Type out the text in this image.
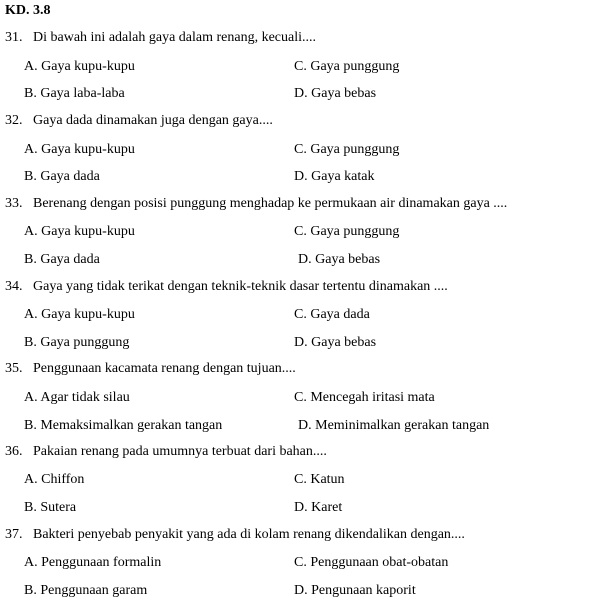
KD. 3.8
31. Di bawah ini adalah gaya dalam renang, kecuali....
A. Gaya kupu-kupu	C. Gaya punggung
B. Gaya laba-laba	D. Gaya bebas
32. Gaya dada dinamakan juga dengan gaya....
A. Gaya kupu-kupu	C. Gaya punggung
B. Gaya dada	D. Gaya katak
33. Berenang dengan posisi punggung menghadap ke permukaan air dinamakan gaya ....
A. Gaya kupu-kupu	C. Gaya punggung
B. Gaya dada	D. Gaya bebas
34. Gaya yang tidak terikat dengan teknik-teknik dasar tertentu dinamakan ....
A. Gaya kupu-kupu	C. Gaya dada
B. Gaya punggung	D. Gaya bebas
35. Penggunaan kacamata renang dengan tujuan....
A. Agar tidak silau	C. Mencegah iritasi mata
B. Memaksimalkan gerakan tangan	D. Meminimalkan gerakan tangan
36. Pakaian renang pada umumnya terbuat dari bahan....
A. Chiffon	C. Katun
B. Sutera	D. Karet
37. Bakteri penyebab penyakit yang ada di kolam renang dikendalikan dengan....
A. Penggunaan formalin	C. Penggunaan obat-obatan
B. Penggunaan garam	D. Pengunaan kaporit
